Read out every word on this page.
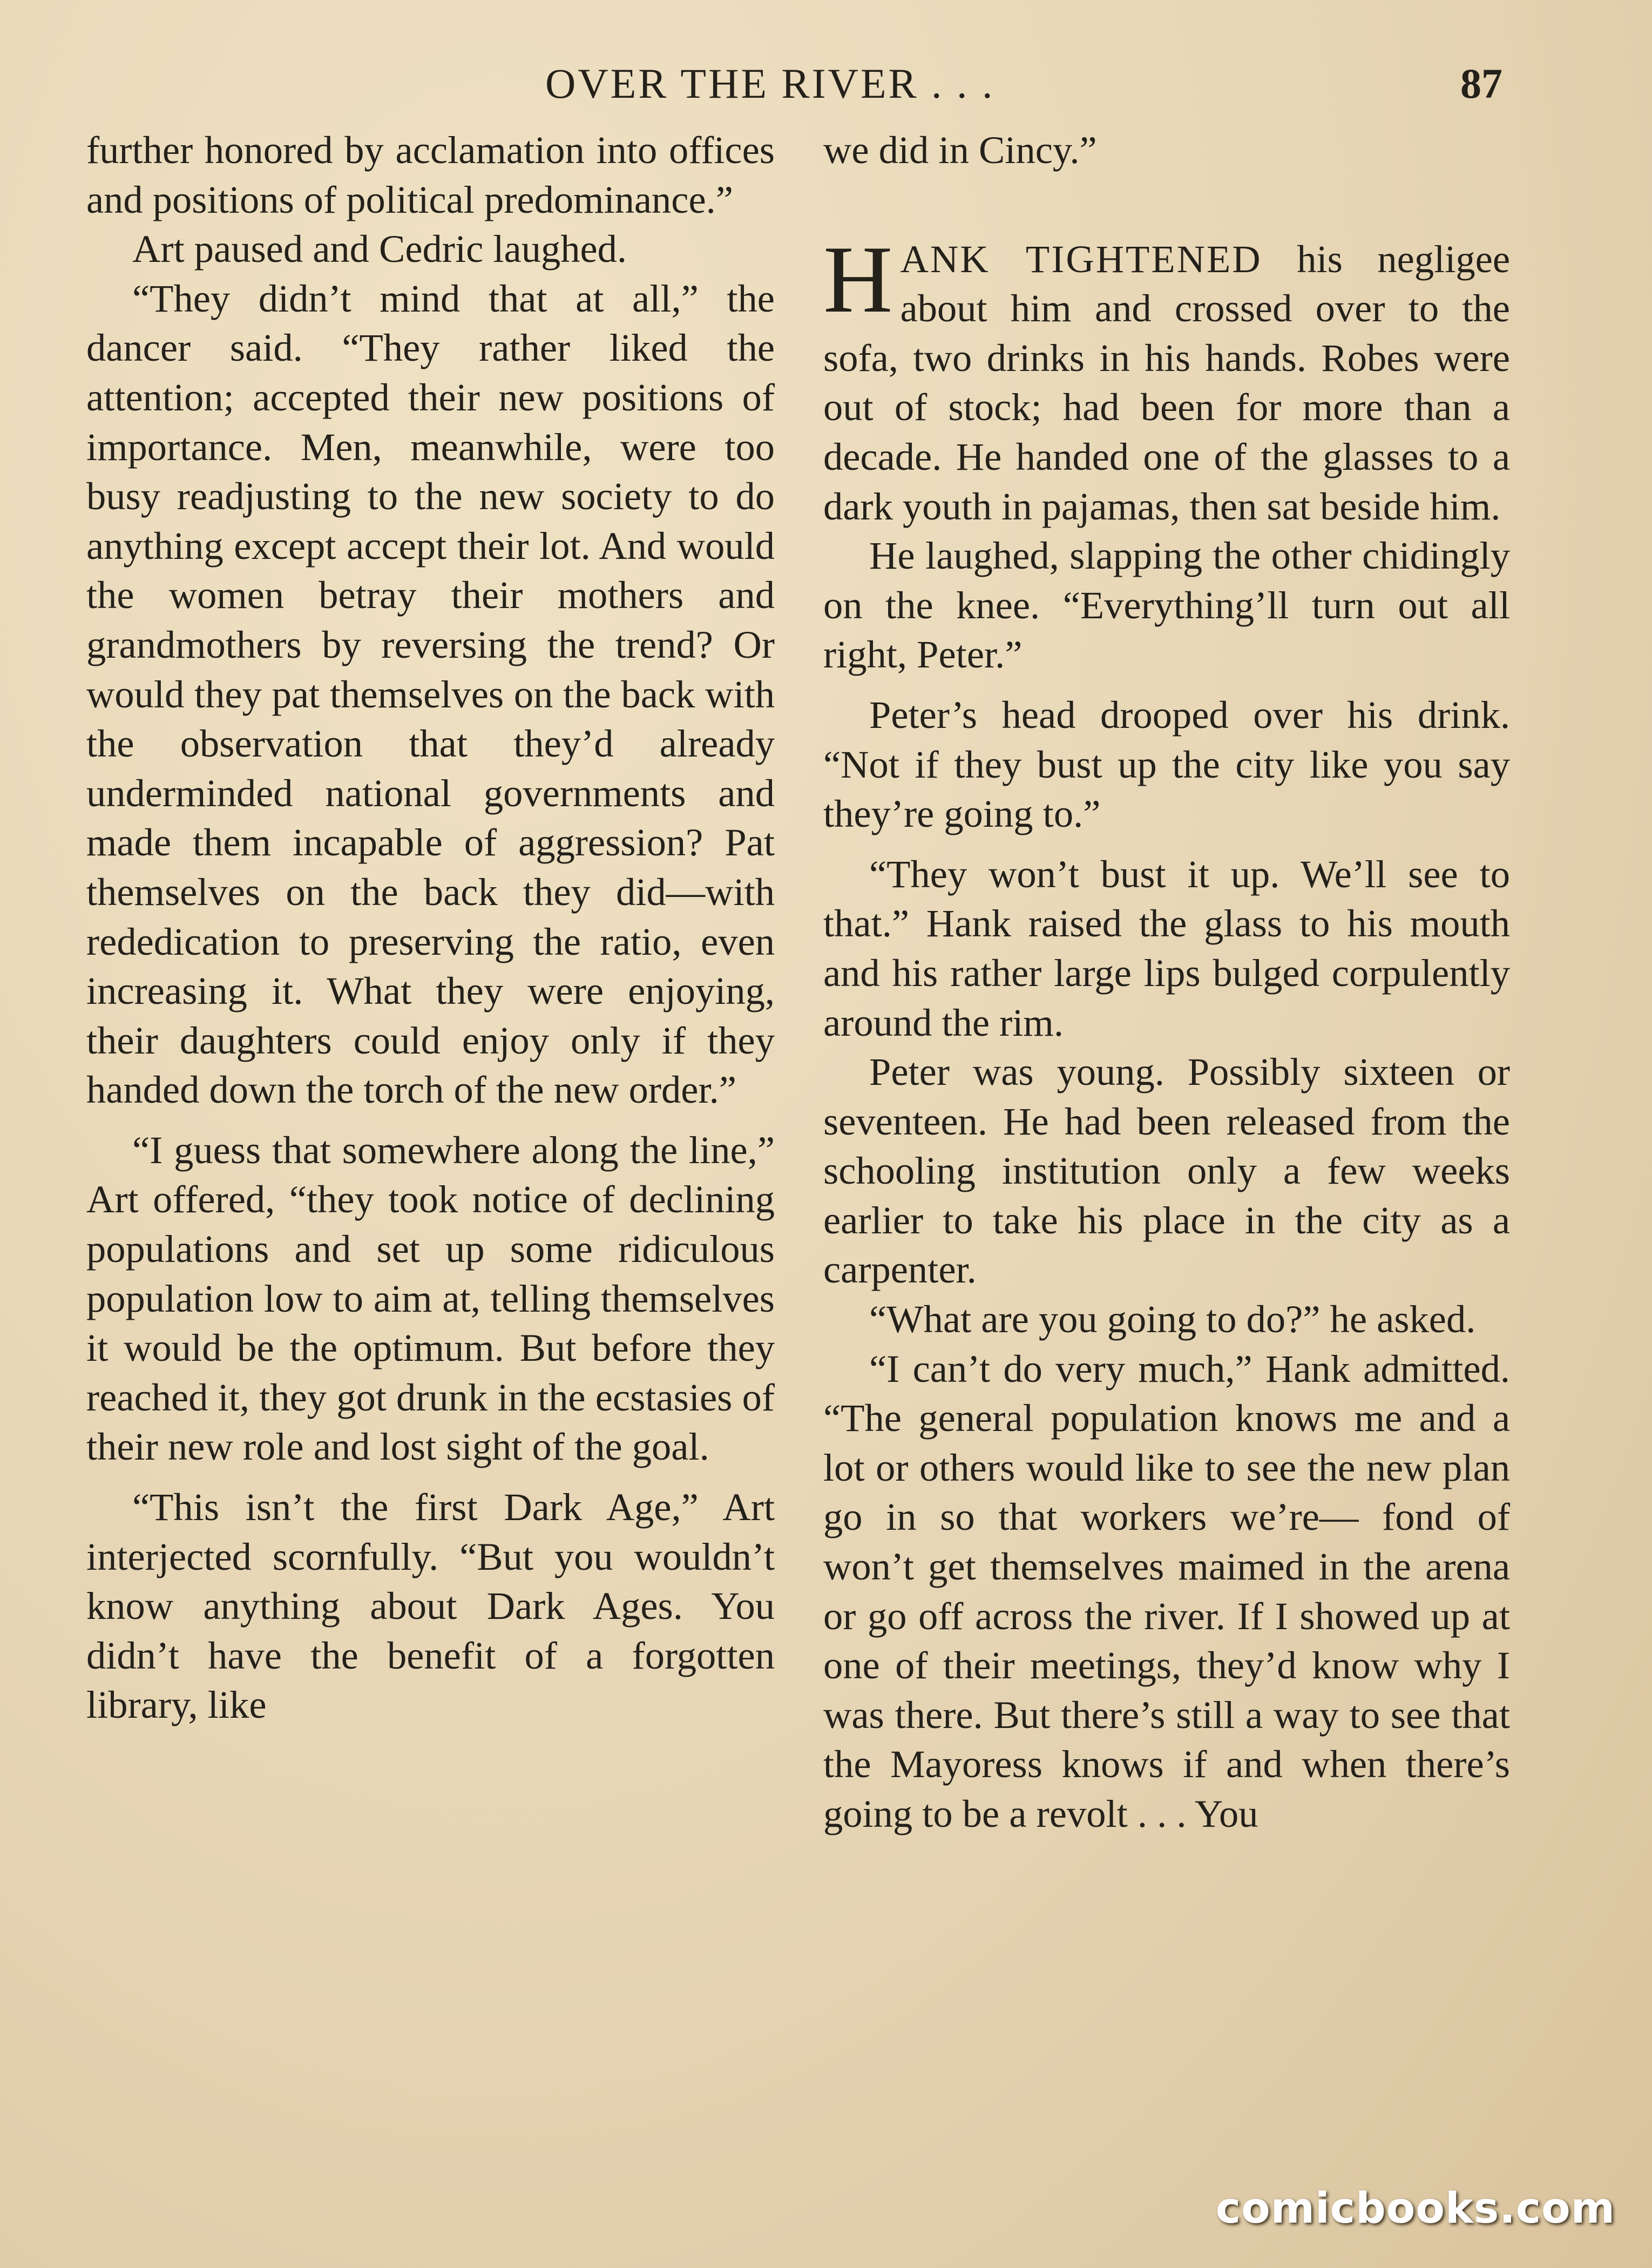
OVER THE RIVER . . .	87

further honored by acclamation into offices and positions of political predominance.”

Art paused and Cedric laughed.

“They didn’t mind that at all,” the dancer said. “They rather liked the attention; accepted their new positions of importance. Men, meanwhile, were too busy readjusting to the new society to do anything except accept their lot. And would the women betray their mothers and grandmothers by reversing the trend? Or would they pat themselves on the back with the observation that they’d already underminded national governments and made them incapable of aggression? Pat themselves on the back they did—with rededication to preserving the ratio, even increasing it. What they were enjoying, their daughters could enjoy only if they handed down the torch of the new order.”

“I guess that somewhere along the line,” Art offered, “they took notice of declining populations and set up some ridiculous population low to aim at, telling themselves it would be the optimum. But before they reached it, they got drunk in the ecstasies of their new role and lost sight of the goal.

“This isn’t the first Dark Age,” Art interjected scornfully. “But you wouldn’t know anything about Dark Ages. You didn’t have the benefit of a forgotten library, like

we did in Cincy.”

HANK TIGHTENED his negligee about him and crossed over to the sofa, two drinks in his hands. Robes were out of stock; had been for more than a decade. He handed one of the glasses to a dark youth in pajamas, then sat beside him.

He laughed, slapping the other chidingly on the knee. “Everything’ll turn out all right, Peter.”

Peter’s head drooped over his drink. “Not if they bust up the city like you say they’re going to.”

“They won’t bust it up. We’ll see to that.” Hank raised the glass to his mouth and his rather large lips bulged corpulently around the rim.

Peter was young. Possibly sixteen or seventeen. He had been released from the schooling institution only a few weeks earlier to take his place in the city as a carpenter.

“What are you going to do?” he asked.

“I can’t do very much,” Hank admitted. “The general population knows me and a lot or others would like to see the new plan go in so that workers we’re— fond of won’t get themselves maimed in the arena or go off across the river. If I showed up at one of their meetings, they’d know why I was there. But there’s still a way to see that the Mayoress knows if and when there’s going to be a revolt . . . You

comicbooks.com
